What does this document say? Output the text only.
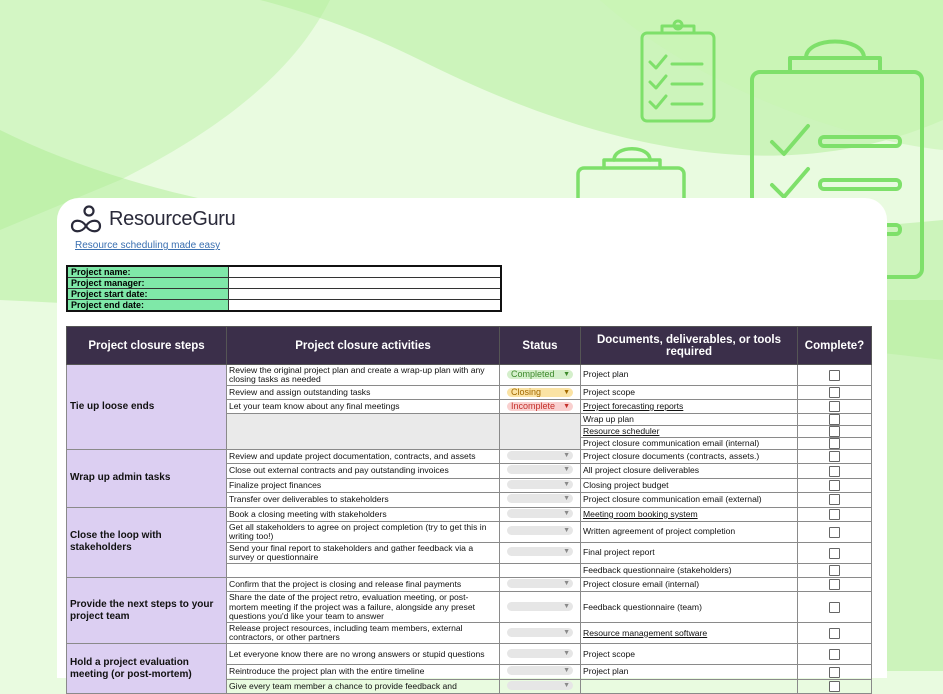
ResourceGuru
Resource scheduling made easy
Project name:	
Project manager:	
Project start date:	
Project end date:	
Project closure steps	Project closure activities	Status	Documents, deliverables, or tools required	Complete?
Tie up loose ends	Review the original project plan and create a wrap-up plan with any closing tasks as needed	Completed ▼	Project plan	
	Review and assign outstanding tasks	Closing ▼	Project scope	
	Let your team know about any final meetings	Incomplete ▼	Project forecasting reports	
			Wrap up plan	
			Resource scheduler	
			Project closure communication email (internal)	
Wrap up admin tasks	Review and update project documentation, contracts, and assets	▼	Project closure documents (contracts, assets.)	
	Close out external contracts and pay outstanding invoices	▼	All project closure deliverables	
	Finalize project finances	▼	Closing project budget	
	Transfer over deliverables to stakeholders	▼	Project closure communication email (external)	
Close the loop with stakeholders	Book a closing meeting with stakeholders	▼	Meeting room booking system	
	Get all stakeholders to agree on project completion (try to get this in writing too!)	▼	Written agreement of project completion	
	Send your final report to stakeholders and gather feedback via a survey or questionnaire	▼	Final project report	
			Feedback questionnaire (stakeholders)	
Provide the next steps to your project team	Confirm that the project is closing and release final payments	▼	Project closure email (internal)	
	Share the date of the project retro, evaluation meeting, or post-mortem meeting if the project was a failure, alongside any preset questions you'd like your team to answer	▼	Feedback questionnaire (team)	
	Release project resources, including team members, external contractors, or other partners	▼	Resource management software	
Hold a project evaluation meeting (or post-mortem)	Let everyone know there are no wrong answers or stupid questions	▼	Project scope	
	Reintroduce the project plan with the entire timeline	▼	Project plan	
	Give every team member a chance to provide feedback and	▼		
